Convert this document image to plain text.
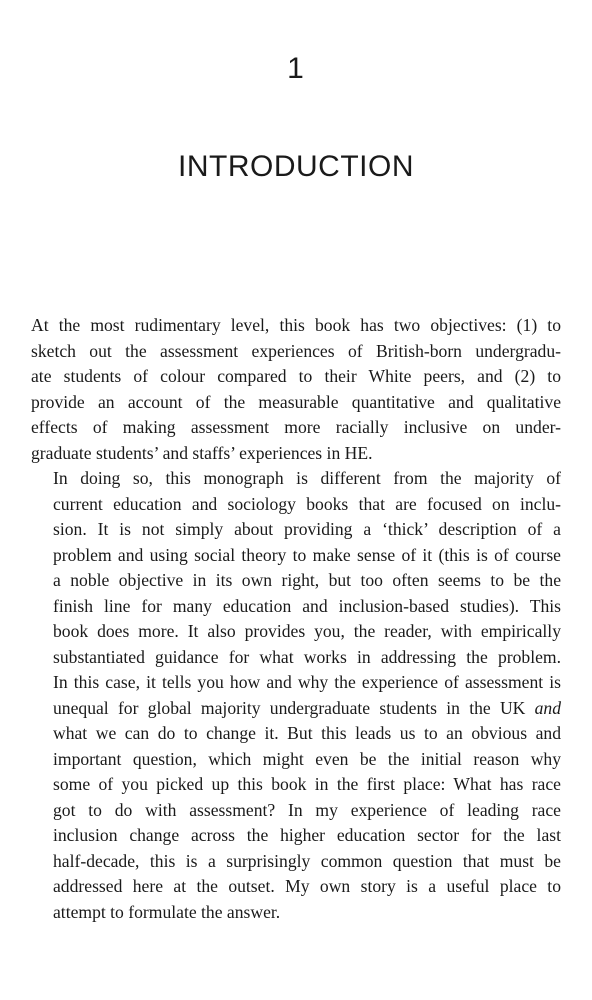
1
INTRODUCTION

At the most rudimentary level, this book has two objectives: (1) to
sketch out the assessment experiences of British-born undergradu-
ate students of colour compared to their White peers, and (2) to
provide an account of the measurable quantitative and qualitative
effects of making assessment more racially inclusive on under-
graduate students’ and staffs’ experiences in HE.

In doing so, this monograph is different from the majority of
current education and sociology books that are focused on inclu-
sion. It is not simply about providing a ‘thick’ description of a
problem and using social theory to make sense of it (this is of course
a noble objective in its own right, but too often seems to be the
finish line for many education and inclusion-based studies). This
book does more. It also provides you, the reader, with empirically
substantiated guidance for what works in addressing the problem.
In this case, it tells you how and why the experience of assessment is
unequal for global majority undergraduate students in the UK and
what we can do to change it. But this leads us to an obvious and
important question, which might even be the initial reason why
some of you picked up this book in the first place: What has race
got to do with assessment? In my experience of leading race
inclusion change across the higher education sector for the last
half-decade, this is a surprisingly common question that must be
addressed here at the outset. My own story is a useful place to
attempt to formulate the answer.
